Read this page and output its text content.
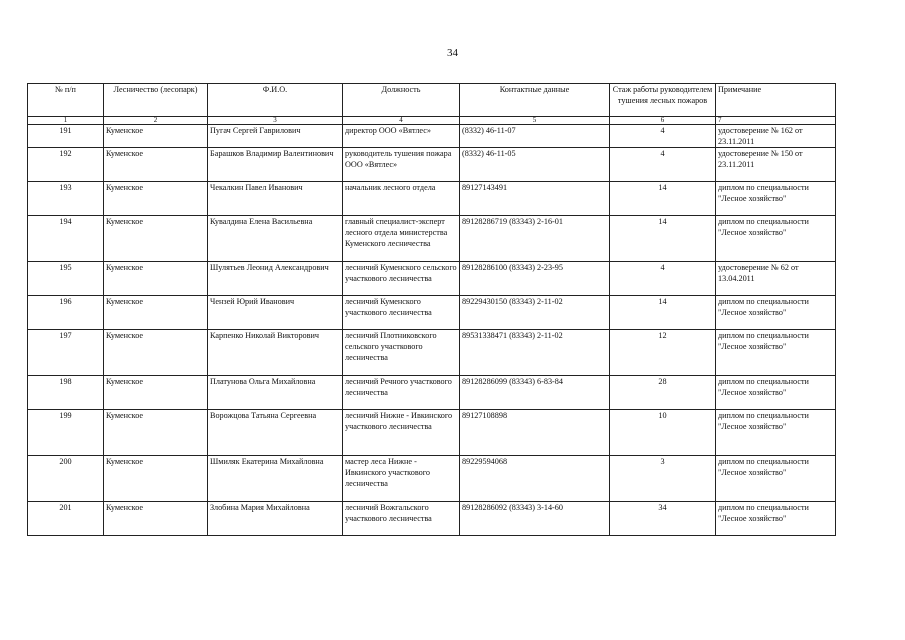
34
№ п/п	Лесничество (лесопарк)	Ф.И.О.	Должность	Контактные данные	Стаж работы руководителем тушения лесных пожаров	Примечание
1	2	3	4	5	6	7
191	Куменское	Пугач Сергей Гаврилович	директор ООО «Вятлес»	(8332) 46-11-07	4	удостоверение № 162 от 23.11.2011
192	Куменское	Барашков Владимир Валентинович	руководитель тушения пожара ООО «Вятлес»	(8332) 46-11-05	4	удостоверение № 150 от 23.11.2011
193	Куменское	Чекалкин Павел Иванович	начальник лесного отдела	89127143491	14	диплом по специальности "Лесное хозяйство"
194	Куменское	Кувалдина Елена Васильевна	главный специалист-эксперт лесного отдела министерства Куменского лесничества	89128286719 (83343) 2-16-01	14	диплом по специальности "Лесное хозяйство"
195	Куменское	Шулятьев Леонид Александрович	лесничий Куменского сельского участкового лесничества	89128286100 (83343) 2-23-95	4	удостоверение № 62 от 13.04.2011
196	Куменское	Чензей Юрий Иванович	лесничий Куменского участкового лесничества	89229430150 (83343) 2-11-02	14	диплом по специальности "Лесное хозяйство"
197	Куменское	Карпенко Николай Викторович	лесничий Плотниковского сельского участкового лесничества	89531338471 (83343) 2-11-02	12	диплом по специальности "Лесное хозяйство"
198	Куменское	Платунова Ольга Михайловна	лесничий Речного участкового лесничества	89128286099 (83343) 6-83-84	28	диплом по специальности "Лесное хозяйство"
199	Куменское	Ворожцова Татьяна Сергеевна	лесничий Нижне - Ивкинского участкового лесничества	89127108898	10	диплом по специальности "Лесное хозяйство"
200	Куменское	Шмиляк Екатерина Михайловна	мастер леса Нижне - Ивкинского участкового лесничества	89229594068	3	диплом по специальности "Лесное хозяйство"
201	Куменское	Злобина Мария Михайловна	лесничий Вожгальского участкового лесничества	89128286092 (83343) 3-14-60	34	диплом по специальности "Лесное хозяйство"
